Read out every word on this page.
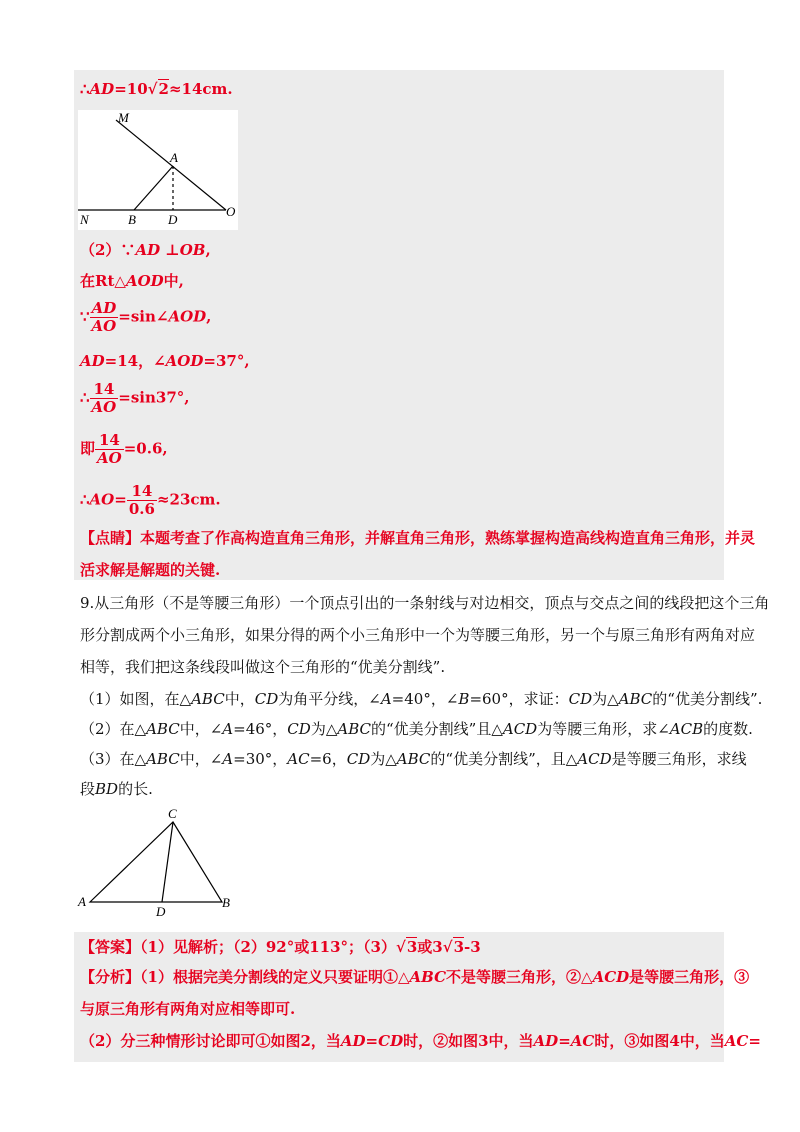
∴AD=10√2≈14cm.
M
A
N	B D
O
（2）∵AD ⊥OB,
在Rt△AOD中,
∵ $\frac{AD}{AO}$ =sin∠AOD,
AD=14，∠AOD=37°,
∴ $\frac{14}{AO} =\sin 37^\circ$,
即 $\frac{14}{AO} =0.6$,
∴AO= $\frac{14}{0.6} \approx 23cm$.
【点睛】本题考查了作高构造直角三角形，并解直角三角形，熟练掌握构造高线构造直角三角形，并灵
活求解是解题的关键.
9.从三角形（不是等腰三角形）一个顶点引出的一条射线与对边相交，顶点与交点之间的线段把这个三角
形分割成两个小三角形，如果分得的两个小三角形中一个为等腰三角形，另一个与原三角形有两角对应
相等，我们把这条线段叫做这个三角形的“优美分割线”.
（1）如图，在△ABC中，CD为角平分线，∠A=40°，∠B=60°，求证：CD为△ABC的“优美分割线”.
（2）在△ABC中，∠A=46°，CD为△ABC的“优美分割线”且△ACD为等腰三角形，求∠ACB的度数.
（3）在△ABC中，∠A=30°，AC=6，CD为△ABC的“优美分割线”，且△ACD是等腰三角形，求线
段BD的长.
C
A
D
B
【答案】（1）见解析；（2）92°或113°；（3）√3或3√3-3
【分析】（1）根据完美分割线的定义只要证明①△ABC不是等腰三角形，②△ACD是等腰三角形，③
与原三角形有两角对应相等即可.
（2）分三种情形讨论即可①如图2，当AD=CD时，②如图3中，当AD=AC时，③如图4中，当AC=
